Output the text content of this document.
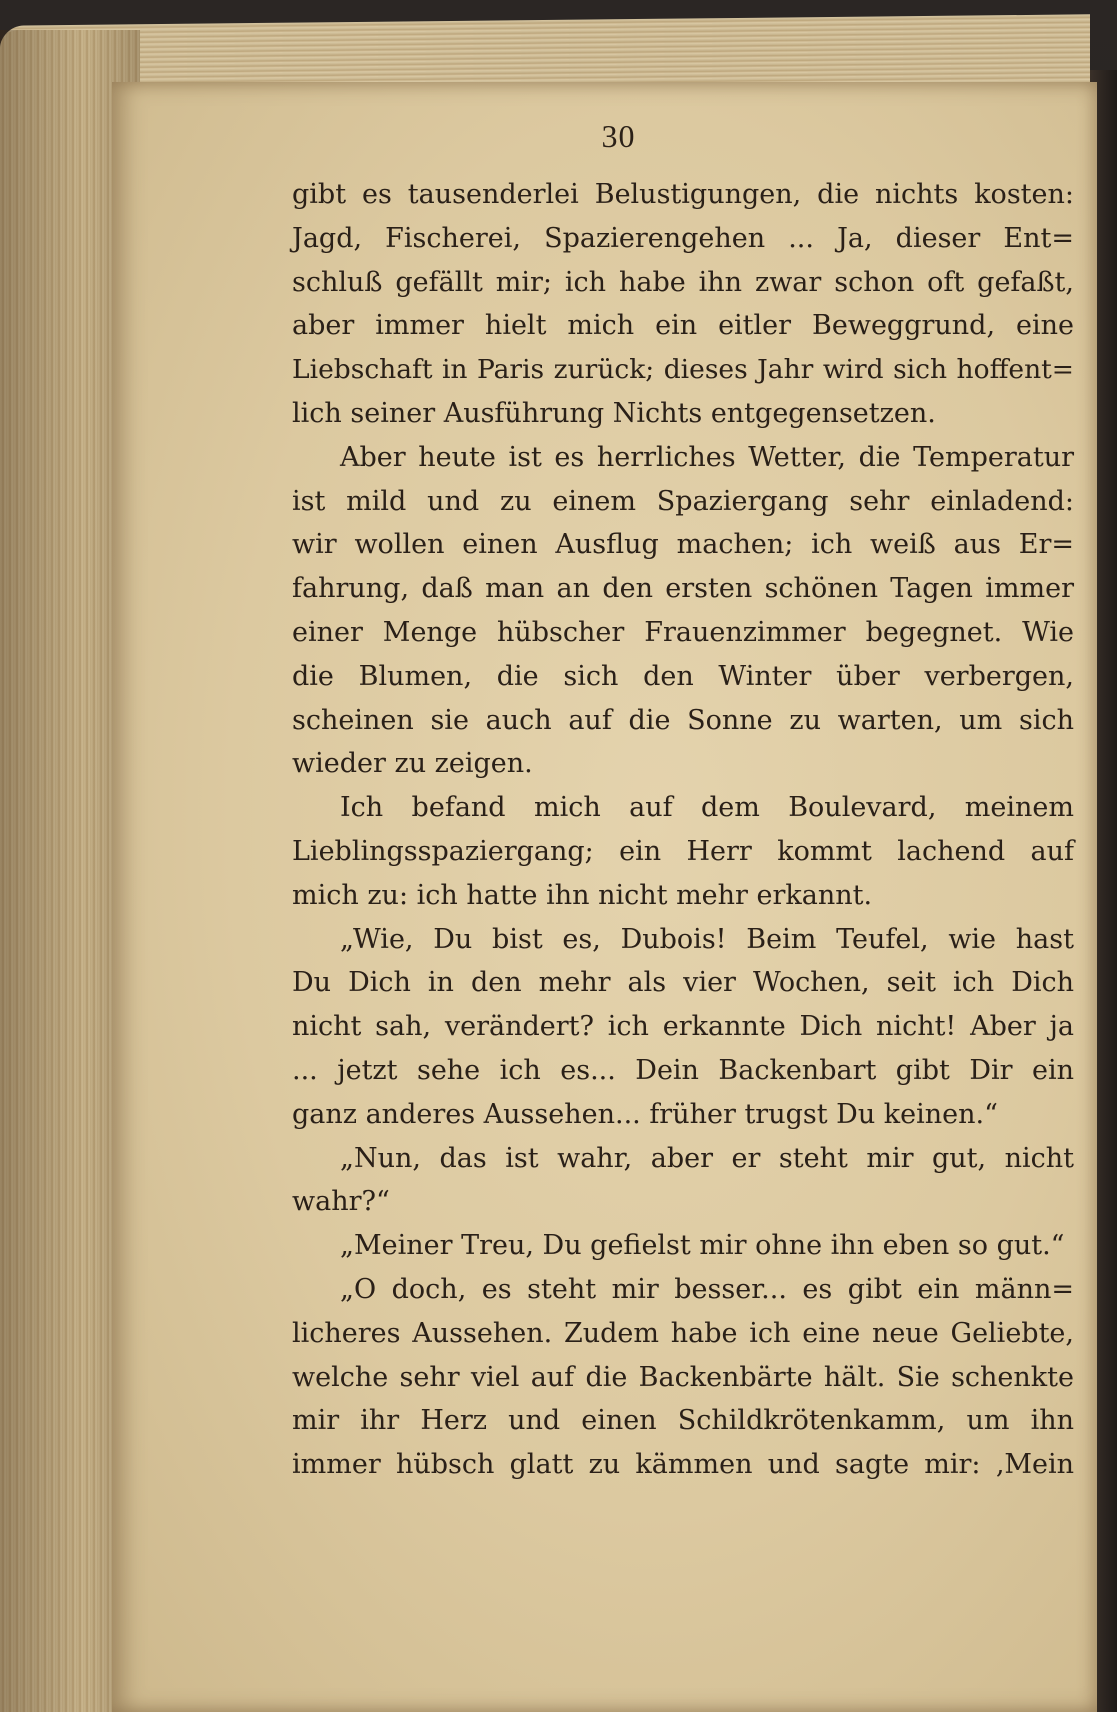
30
gibt es tausenderlei Belustigungen, die nichts kosten:
Jagd, Fischerei, Spazierengehen ... Ja, dieser Ent=
schluß gefällt mir; ich habe ihn zwar schon oft gefaßt,
aber immer hielt mich ein eitler Beweggrund, eine
Liebschaft in Paris zurück; dieses Jahr wird sich hoffent=
lich seiner Ausführung Nichts entgegensetzen.
Aber heute ist es herrliches Wetter, die Temperatur
ist mild und zu einem Spaziergang sehr einladend:
wir wollen einen Ausflug machen; ich weiß aus Er=
fahrung, daß man an den ersten schönen Tagen immer
einer Menge hübscher Frauenzimmer begegnet. Wie
die Blumen, die sich den Winter über verbergen,
scheinen sie auch auf die Sonne zu warten, um sich
wieder zu zeigen.
Ich befand mich auf dem Boulevard, meinem
Lieblingsspaziergang; ein Herr kommt lachend auf
mich zu: ich hatte ihn nicht mehr erkannt.
„Wie, Du bist es, Dubois! Beim Teufel, wie hast
Du Dich in den mehr als vier Wochen, seit ich Dich
nicht sah, verändert? ich erkannte Dich nicht! Aber ja
... jetzt sehe ich es... Dein Backenbart gibt Dir ein
ganz anderes Aussehen... früher trugst Du keinen.“
„Nun, das ist wahr, aber er steht mir gut, nicht
wahr?“
„Meiner Treu, Du gefielst mir ohne ihn eben so gut.“
„O doch, es steht mir besser... es gibt ein männ=
licheres Aussehen. Zudem habe ich eine neue Geliebte,
welche sehr viel auf die Backenbärte hält. Sie schenkte
mir ihr Herz und einen Schildkrötenkamm, um ihn
immer hübsch glatt zu kämmen und sagte mir: ‚Mein
